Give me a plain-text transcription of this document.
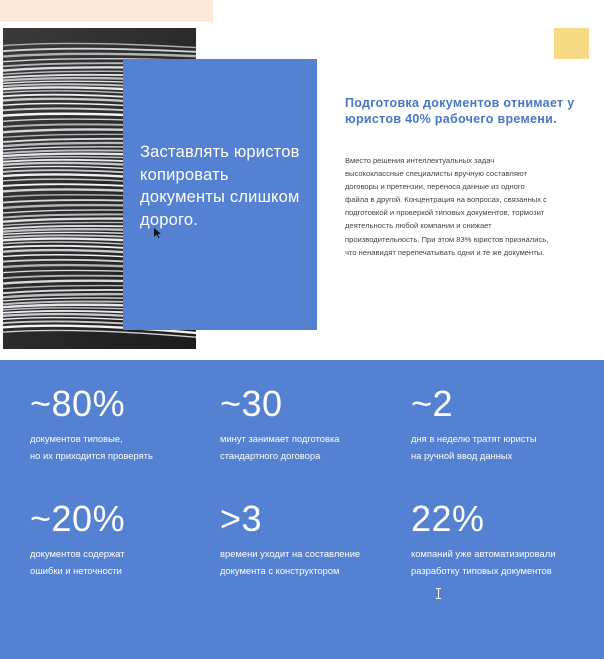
Заставлять юристов копировать документы слишком дорого.
Подготовка документов отнимает у юристов 40% рабочего времени.
Вместо решения интеллектуальных задач высококлассные специалисты вручную составляют договоры и претензии, перенося данные из одного файла в другой. Концентрация на вопросах, связанных с подготовкой и проверкой типовых документов, тормозит деятельность любой компании и снижает производительность. При этом 83% юристов признались, что ненавидят перепечатывать одни и те же документы.
~80%
документов типовые,
но их приходится проверять
~30
минут занимает подготовка
стандартного договора
~2
дня в неделю тратят юристы
на ручной ввод данных
~20%
документов содержат
ошибки и неточности
>3
времени уходит на составление
документа с конструктором
22%
компаний уже автоматизировали
разработку типовых документов
